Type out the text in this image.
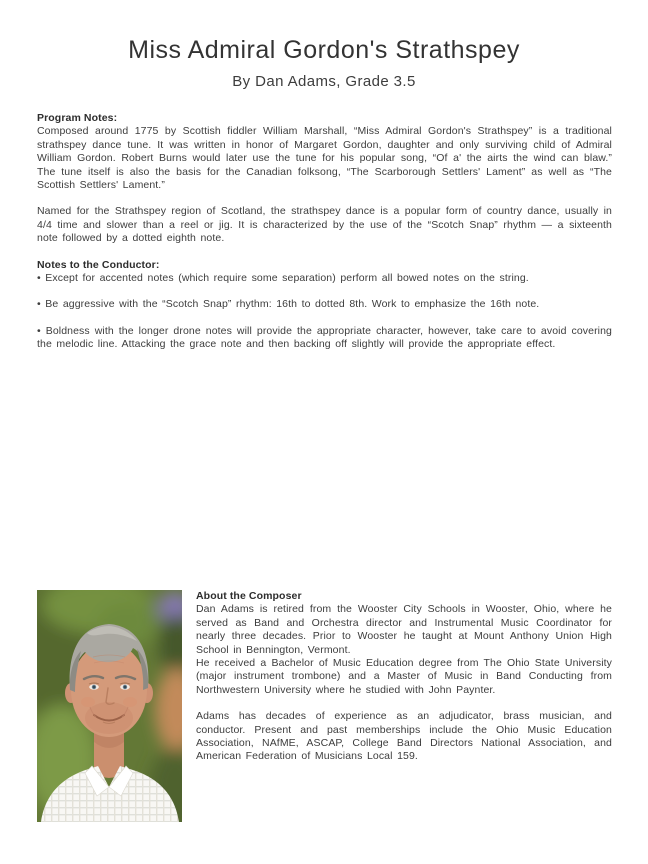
Miss Admiral Gordon's Strathspey
By Dan Adams, Grade 3.5

Program Notes:

Composed around 1775 by Scottish fiddler William Marshall, “Miss Admiral Gordon's Strathspey” is a traditional strathspey dance tune. It was written in honor of Margaret Gordon, daughter and only surviving child of Admiral William Gordon. Robert Burns would later use the tune for his popular song, “Of a' the airts the wind can blaw.” The tune itself is also the basis for the Canadian folksong, “The Scarborough Settlers' Lament” as well as “The Scottish Settlers' Lament.”

Named for the Strathspey region of Scotland, the strathspey dance is a popular form of country dance, usually in 4/4 time and slower than a reel or jig. It is characterized by the use of the “Scotch Snap” rhythm — a sixteenth note followed by a dotted eighth note.

Notes to the Conductor:

• Except for accented notes (which require some separation) perform all bowed notes on the string.

• Be aggressive with the “Scotch Snap” rhythm: 16th to dotted 8th. Work to emphasize the 16th note.

• Boldness with the longer drone notes will provide the appropriate character, however, take care to avoid covering the melodic line. Attacking the grace note and then backing off slightly will provide the appropriate effect.

About the Composer

Dan Adams is retired from the Wooster City Schools in Wooster, Ohio, where he served as Band and Orchestra director and Instrumental Music Coordinator for nearly three decades. Prior to Wooster he taught at Mount Anthony Union High School in Bennington, Vermont.

He received a Bachelor of Music Education degree from The Ohio State University (major instrument trombone) and a Master of Music in Band Conducting from Northwestern University where he studied with John Paynter.

Adams has decades of experience as an adjudicator, brass musician, and conductor. Present and past memberships include the Ohio Music Education Association, NAfME, ASCAP, College Band Directors National Association, and American Federation of Musicians Local 159.
